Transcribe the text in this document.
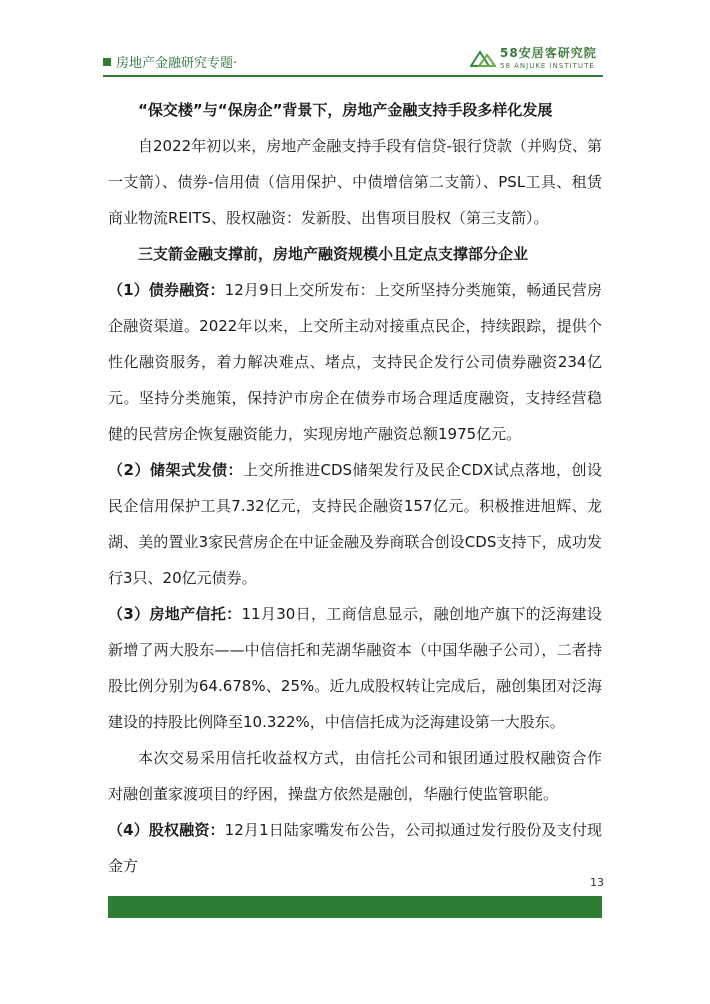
房地产金融研究专题·
58安居客研究院
58 ANJUKE INSTITUTE

“保交楼”与“保房企”背景下，房地产金融支持手段多样化发展

自2022年初以来，房地产金融支持手段有信贷-银行贷款（并购贷、第一支箭）、债券-信用债（信用保护、中债增信第二支箭）、PSL工具、租赁商业物流REITS、股权融资：发新股、出售项目股权（第三支箭）。

三支箭金融支撑前，房地产融资规模小且定点支撑部分企业

（1）债券融资：12月9日上交所发布：上交所坚持分类施策，畅通民营房企融资渠道。2022年以来，上交所主动对接重点民企，持续跟踪，提供个性化融资服务，着力解决难点、堵点，支持民企发行公司债券融资234亿元。坚持分类施策，保持沪市房企在债券市场合理适度融资，支持经营稳健的民营房企恢复融资能力，实现房地产融资总额1975亿元。

（2）储架式发债：上交所推进CDS储架发行及民企CDX试点落地，创设民企信用保护工具7.32亿元，支持民企融资157亿元。积极推进旭辉、龙湖、美的置业3家民营房企在中证金融及券商联合创设CDS支持下，成功发行3只、20亿元债券。

（3）房地产信托：11月30日，工商信息显示，融创地产旗下的泛海建设新增了两大股东——中信信托和芜湖华融资本（中国华融子公司），二者持股比例分别为64.678%、25%。近九成股权转让完成后，融创集团对泛海建设的持股比例降至10.322%，中信信托成为泛海建设第一大股东。

本次交易采用信托收益权方式，由信托公司和银团通过股权融资合作对融创董家渡项目的纾困，操盘方依然是融创，华融行使监管职能。

（4）股权融资：12月1日陆家嘴发布公告，公司拟通过发行股份及支付现金方

13
